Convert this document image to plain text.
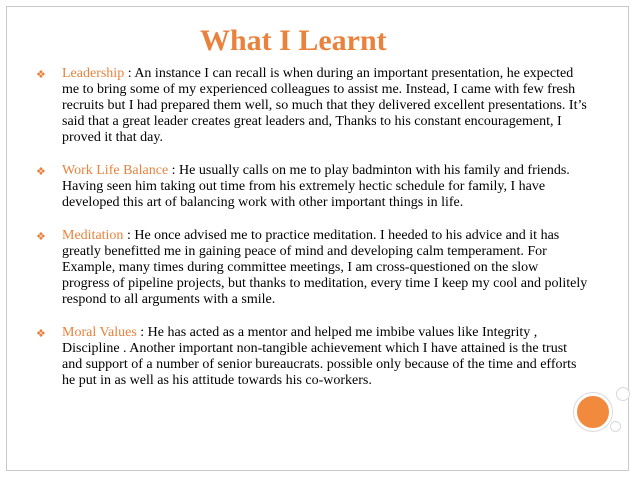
What I Learnt
❖ Leadership : An instance I can recall is when during an important presentation, he expected me to bring some of my experienced colleagues to assist me. Instead, I came with few fresh recruits but I had prepared them well, so much that they delivered excellent presentations. It’s said that a great leader creates great leaders and, Thanks to his constant encouragement, I proved it that day.
❖ Work Life Balance : He usually calls on me to play badminton with his family and friends. Having seen him taking out time from his extremely hectic schedule for family, I have developed this art of balancing work with other important things in life.
❖ Meditation : He once advised me to practice meditation. I heeded to his advice and it has greatly benefitted me in gaining peace of mind and developing calm temperament. For Example, many times during committee meetings, I am cross-questioned on the slow progress of pipeline projects, but thanks to meditation, every time I keep my cool and politely respond to all arguments with a smile.
❖ Moral Values : He has acted as a mentor and helped me imbibe values like Integrity , Discipline . Another important non-tangible achievement which I have attained is the trust and support of a number of senior bureaucrats. possible only because of the time and efforts he put in as well as his attitude towards his co-workers.
